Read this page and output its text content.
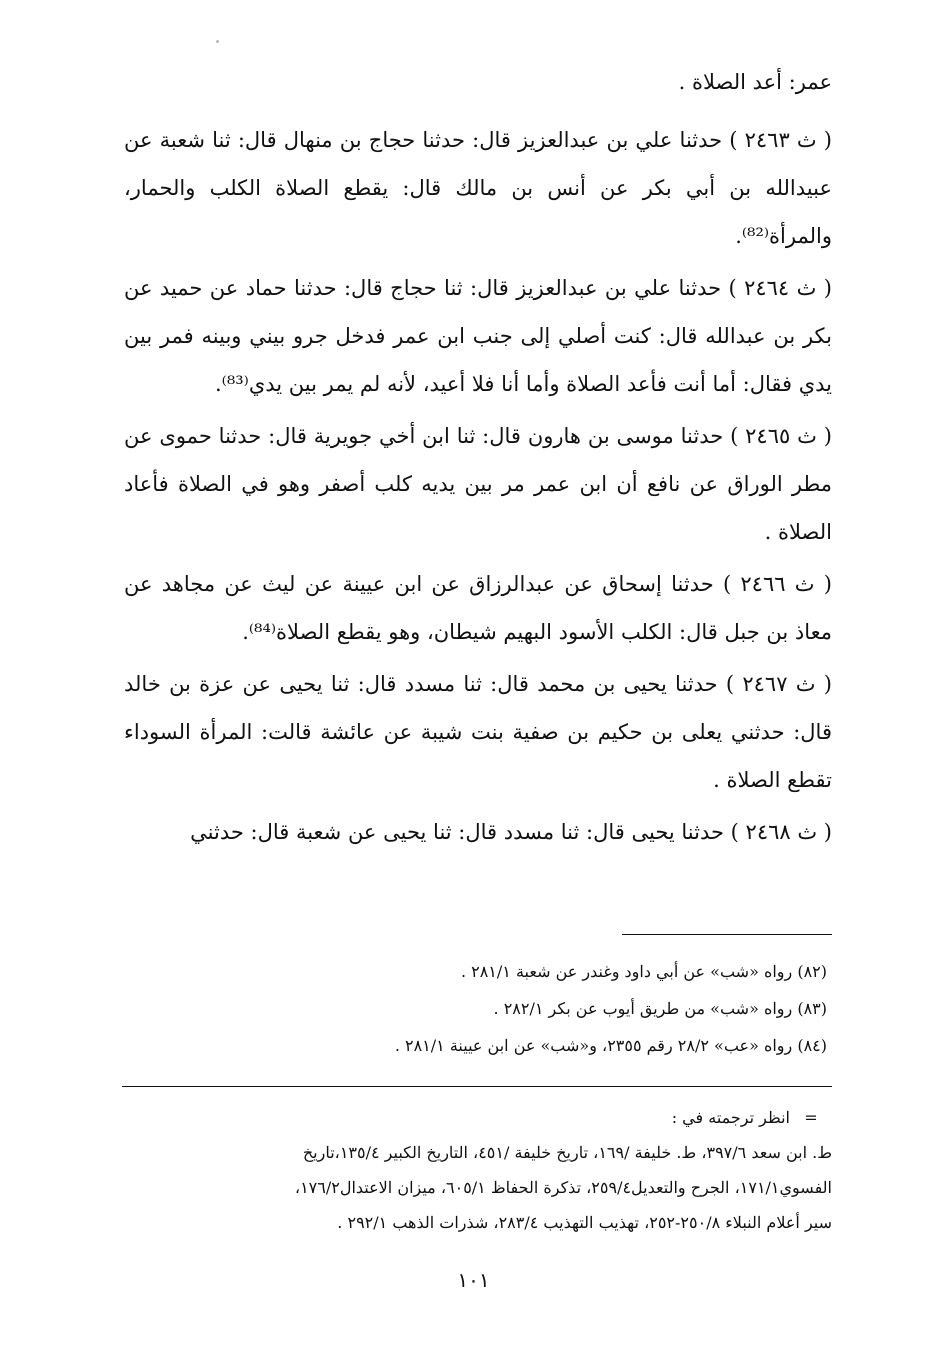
عمر: أعد الصلاة .

( ث ٢٤٦٣ ) حدثنا علي بن عبدالعزيز قال: حدثنا حجاج بن منهال قال: ثنا شعبة عن عبيدالله بن أبي بكر عن أنس بن مالك قال: يقطع الصلاة الكلب والحمار، والمرأة⁽⁸²⁾.

( ث ٢٤٦٤ ) حدثنا علي بن عبدالعزيز قال: ثنا حجاج قال: حدثنا حماد عن حميد عن بكر بن عبدالله قال: كنت أصلي إلى جنب ابن عمر فدخل جرو بيني وبينه فمر بين يدي فقال: أما أنت فأعد الصلاة وأما أنا فلا أعيد، لأنه لم يمر بين يدي⁽⁸³⁾.

( ث ٢٤٦٥ ) حدثنا موسى بن هارون قال: ثنا ابن أخي جويرية قال: حدثنا حموى عن مطر الوراق عن نافع أن ابن عمر مر بين يديه كلب أصفر وهو في الصلاة فأعاد الصلاة .

( ث ٢٤٦٦ ) حدثنا إسحاق عن عبدالرزاق عن ابن عيينة عن ليث عن مجاهد عن معاذ بن جبل قال: الكلب الأسود البهيم شيطان، وهو يقطع الصلاة⁽⁸⁴⁾.

( ث ٢٤٦٧ ) حدثنا يحيى بن محمد قال: ثنا مسدد قال: ثنا يحيى عن عزة بن خالد قال: حدثني يعلى بن حكيم بن صفية بنت شيبة عن عائشة قالت: المرأة السوداء تقطع الصلاة .

( ث ٢٤٦٨ ) حدثنا يحيى قال: ثنا مسدد قال: ثنا يحيى عن شعبة قال: حدثني

(٨٢) رواه «شب» عن أبي داود وغندر عن شعبة ٢٨١/١ .

(٨٣) رواه «شب» من طريق أيوب عن بكر ٢٨٢/١ .

(٨٤) رواه «عب» ٢٨/٢ رقم ٢٣٥٥، و«شب» عن ابن عيينة ٢٨١/١ .

=
انظر ترجمته في :

ط. ابن سعد ٣٩٧/٦، ط. خليفة /١٦٩، تاريخ خليفة /٤٥١، التاريخ الكبير ١٣٥/٤،تاريخ

الفسوي١٧١/١، الجرح والتعديل٢٥٩/٤، تذكرة الحفاظ ٦٠٥/١، ميزان الاعتدال١٧٦/٢،

سير أعلام النبلاء ٢٥٠/٨-٢٥٢، تهذيب التهذيب ٢٨٣/٤، شذرات الذهب ٢٩٢/١ .

١٠١
